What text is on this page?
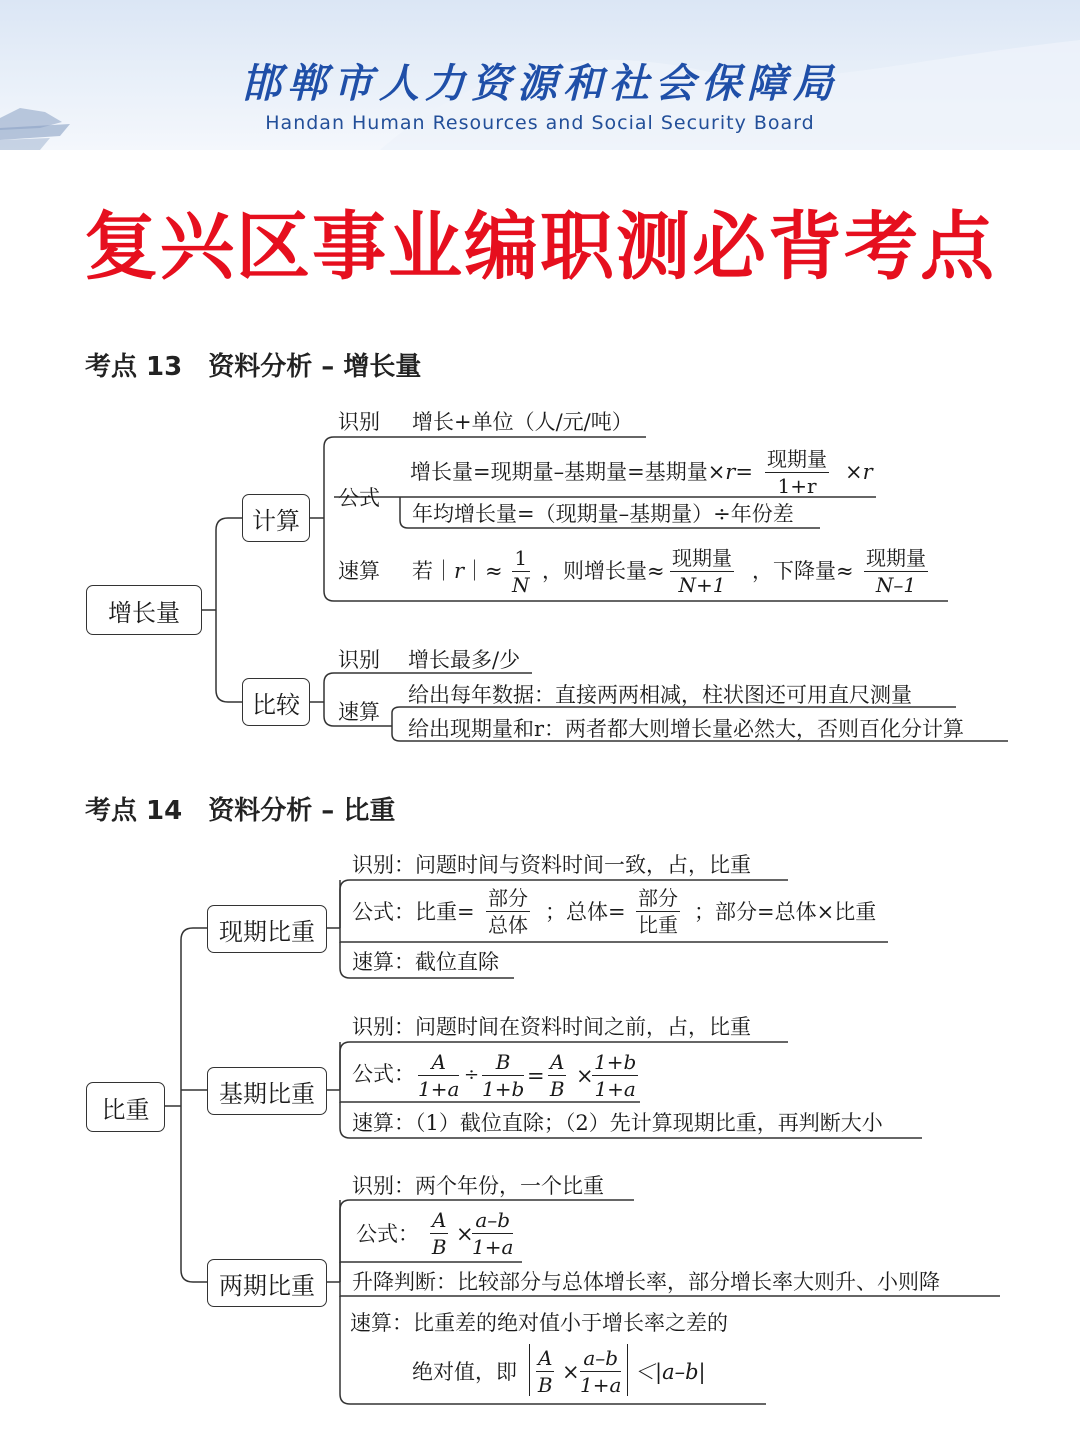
邯郸市人力资源和社会保障局
Handan Human Resources and Social Security Board
复兴区事业编职测必背考点
考点 13　资料分析 – 增长量
增长量
计算
比较
识别 增长+单位（人/元/吨）
公式
增长量=现期量–基期量=基期量×r=
现期量
1+r
×r
年均增长量=（现期量–基期量）÷年份差
速算 若｜r｜≈ $\frac{1}{N}$ ，则增长量≈
现期量
N+1
，下降量≈
现期量
N–1
识别 增长最多/少
速算
给出每年数据：直接两两相减，柱状图还可用直尺测量
给出现期量和r：两者都大则增长量必然大，否则百化分计算
考点 14　资料分析 – 比重
比重
现期比重
基期比重
两期比重
识别：问题时间与资料时间一致，占，比重
公式：比重=
部分
总体
；总体=
部分
比重
；部分=总体×比重
速算：截位直除
识别：问题时间在资料时间之前，占，比重
公式： $\frac{A}{1+a} \div \frac{B}{1+b} = \frac{A}{B}$ ×
$\frac{1+b}{1+a}$
速算：（1）截位直除；（2）先计算现期比重，再判断大小
识别：两个年份，一个比重
公式： $\frac{A}{B}$ ×
$\frac{a-b}{1+a}$
升降判断：比较部分与总体增长率，部分增长率大则升、小则降
速算：比重差的绝对值小于增长率之差的
绝对值，即 $\frac{A}{B} \times \frac{a-b}{1+a} <|a-b|$
